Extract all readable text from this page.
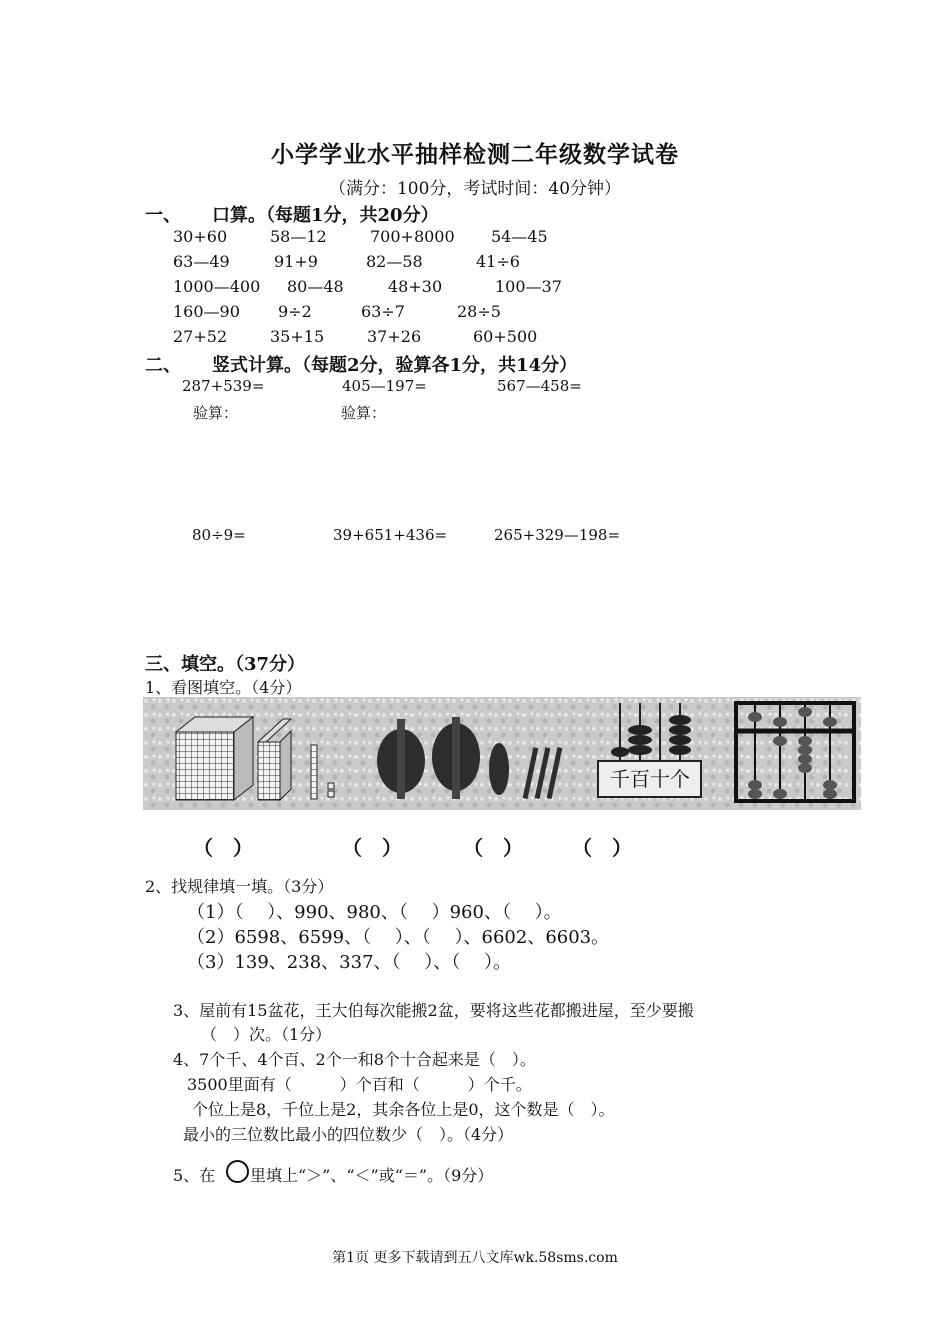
小学学业水平抽样检测二年级数学试卷
（满分：100分，考试时间：40分钟）
一、 口算。（每题1分，共20分）
30+60	58—12	700+8000 54—45
63—49	91+9	82—58	41÷6
1000—400 80—48	48+30	100—37
160—90 9÷2	63÷7	28÷5
27+52	35+15	37+26	60+500
二、 竖式计算。（每题2分，验算各1分，共14分）
287+539=	405—197=	567—458=
验算：	验算：
80÷9=	39+651+436=	265+329—198=
三、填空。（37分）
1、看图填空。（4分）
千百十个
（　）	（　）	（　） （　）
2、找规律填一填。（3分）
（1）（　 ）、990、980、（　 ）960、（　 ）。
（2）6598、6599、（　 ）、（　 ）、6602、6603。
（3）139、238、337、（　 ）、（　 ）。
3、屋前有15盆花，王大伯每次能搬2盆，要将这些花都搬进屋，至少要搬
（　）次。（1分）
4、7个千、4个百、2个一和8个十合起来是（　）。
3500里面有（　　　）个百和（　　　）个千。
个位上是8，千位上是2，其余各位上是0，这个数是（　）。
最小的三位数比最小的四位数少（　）。（4分）
5、在 里填上“＞”、“＜”或“＝”。（9分）
第1页 更多下载请到五八文库wk.58sms.com
